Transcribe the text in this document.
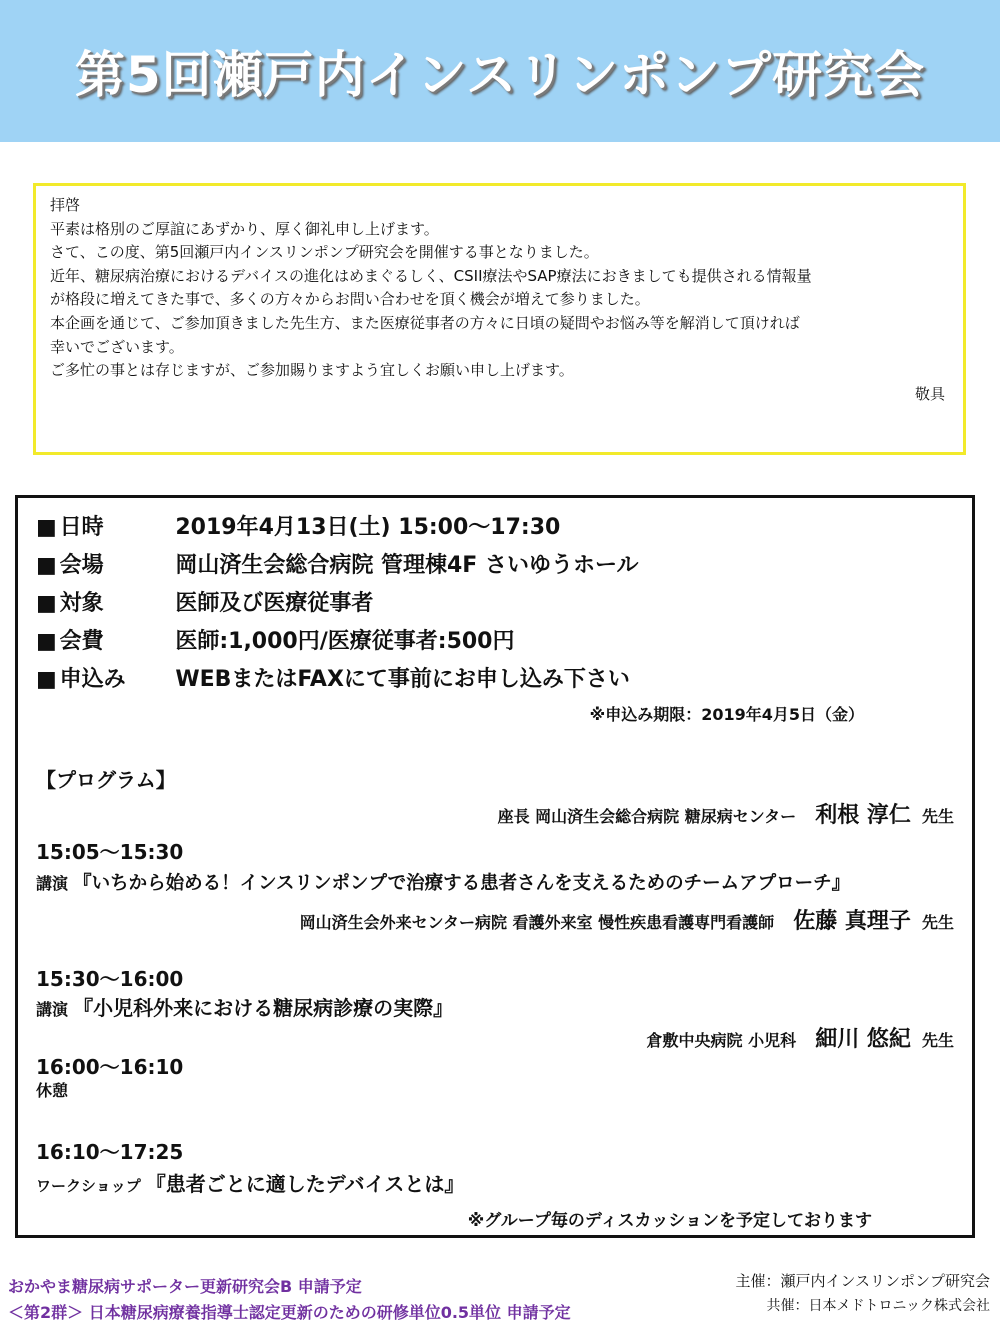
第5回瀬戸内インスリンポンプ研究会

拝啓

平素は格別のご厚誼にあずかり、厚く御礼申し上げます。

さて、この度、第5回瀬戸内インスリンポンプ研究会を開催する事となりました。

近年、糖尿病治療におけるデバイスの進化はめまぐるしく、CSII療法やSAP療法におきましても提供される情報量

が格段に増えてきた事で、多くの方々からお問い合わせを頂く機会が増えて参りました。

本企画を通じて、ご参加頂きました先生方、また医療従事者の方々に日頃の疑問やお悩み等を解消して頂ければ

幸いでございます。

ご多忙の事とは存じますが、ご参加賜りますよう宜しくお願い申し上げます。

敬具

■ 日時	2019年4月13日(土) 15:00～17:30
■ 会場	岡山済生会総合病院 管理棟4F さいゆうホール
■ 対象	医師及び医療従事者
■ 会費	医師:1,000円/医療従事者:500円
■ 申込み WEBまたはFAXにて事前にお申し込み下さい
※申込み期限：2019年4月5日（金）
【プログラム】
座長 岡山済生会総合病院 糖尿病センター 利根 淳仁 先生
15:05～15:30
講演 『いちから始める！インスリンポンプで治療する患者さんを支えるためのチームアプローチ』
岡山済生会外来センター病院 看護外来室 慢性疾患看護専門看護師 佐藤 真理子 先生
15:30～16:00
講演 『小児科外来における糖尿病診療の実際』
倉敷中央病院 小児科 細川 悠紀 先生
16:00～16:10
休憩
16:10～17:25
ワークショップ 『患者ごとに適したデバイスとは』
※グループ毎のディスカッションを予定しております
おかやま糖尿病サポーター更新研究会B 申請予定
＜第2群＞ 日本糖尿病療養指導士認定更新のための研修単位0.5単位 申請予定
主催：瀬戸内インスリンポンプ研究会
共催：日本メドトロニック株式会社
